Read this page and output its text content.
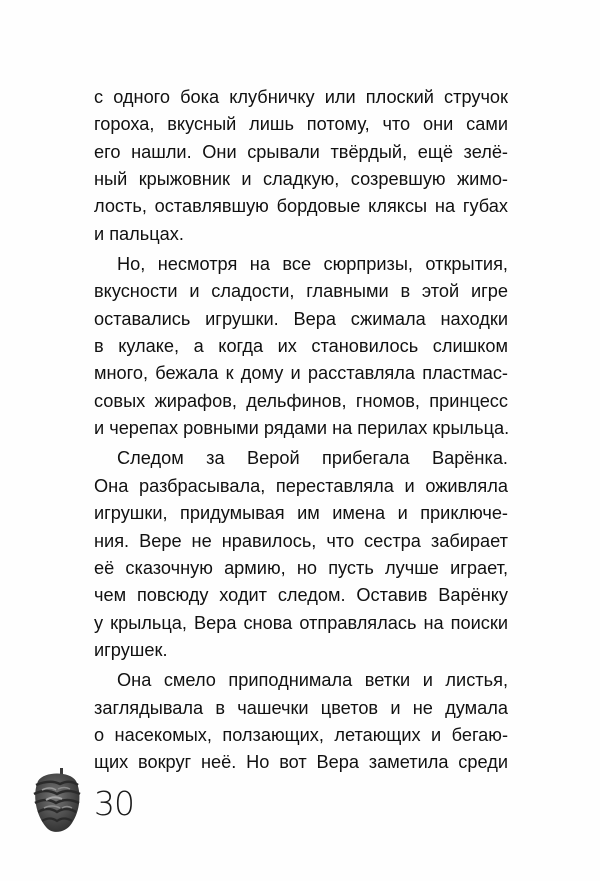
с одного бока клубничку или плоский стручок
гороха, вкусный лишь потому, что они сами
его нашли. Они срывали твёрдый, ещё зелё-
ный крыжовник и сладкую, созревшую жимо-
лость, оставлявшую бордовые кляксы на губах
и пальцах.

Но, несмотря на все сюрпризы, открытия,
вкусности и сладости, главными в этой игре
оставались игрушки. Вера сжимала находки
в кулаке, а когда их становилось слишком
много, бежала к дому и расставляла пластмас-
совых жирафов, дельфинов, гномов, принцесс
и черепах ровными рядами на перилах крыльца.

Следом за Верой прибегала Варёнка.
Она разбрасывала, переставляла и оживляла
игрушки, придумывая им имена и приключе-
ния. Вере не нравилось, что сестра забирает
её сказочную армию, но пусть лучше играет,
чем повсюду ходит следом. Оставив Варёнку
у крыльца, Вера снова отправлялась на поиски
игрушек.

Она смело приподнимала ветки и листья,
заглядывала в чашечки цветов и не думала
о насекомых, ползающих, летающих и бегаю-
щих вокруг неё. Но вот Вера заметила среди

30
